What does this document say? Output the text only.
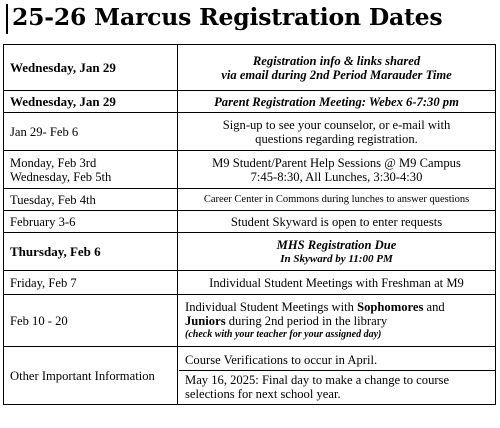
25-26 Marcus Registration Dates
Wednesday, Jan 29	Registration info & links shared
via email during 2nd Period Marauder Time

Wednesday, Jan 29	Parent Registration Meeting: Webex 6-7:30 pm
Jan 29- Feb 6	Sign-up to see your counselor, or e-mail with
questions regarding registration.

Monday, Feb 3rd
Wednesday, Feb 5th	M9 Student/Parent Help Sessions @ M9 Campus
7:45-8:30, All Lunches, 3:30-4:30

Tuesday, Feb 4th	Career Center in Commons during lunches to answer questions
February 3-6	Student Skyward is open to enter requests
Thursday, Feb 6	MHS Registration Due
In Skyward by 11:00 PM

Friday, Feb 7	Individual Student Meetings with Freshman at M9
Feb 10 - 20	Individual Student Meetings with Sophomores and
Juniors during 2nd period in the library
(check with your teacher for your assigned day)

Other Important Information	Course Verifications to occur in April.
May 16, 2025: Final day to make a change to course selections for next school year.
